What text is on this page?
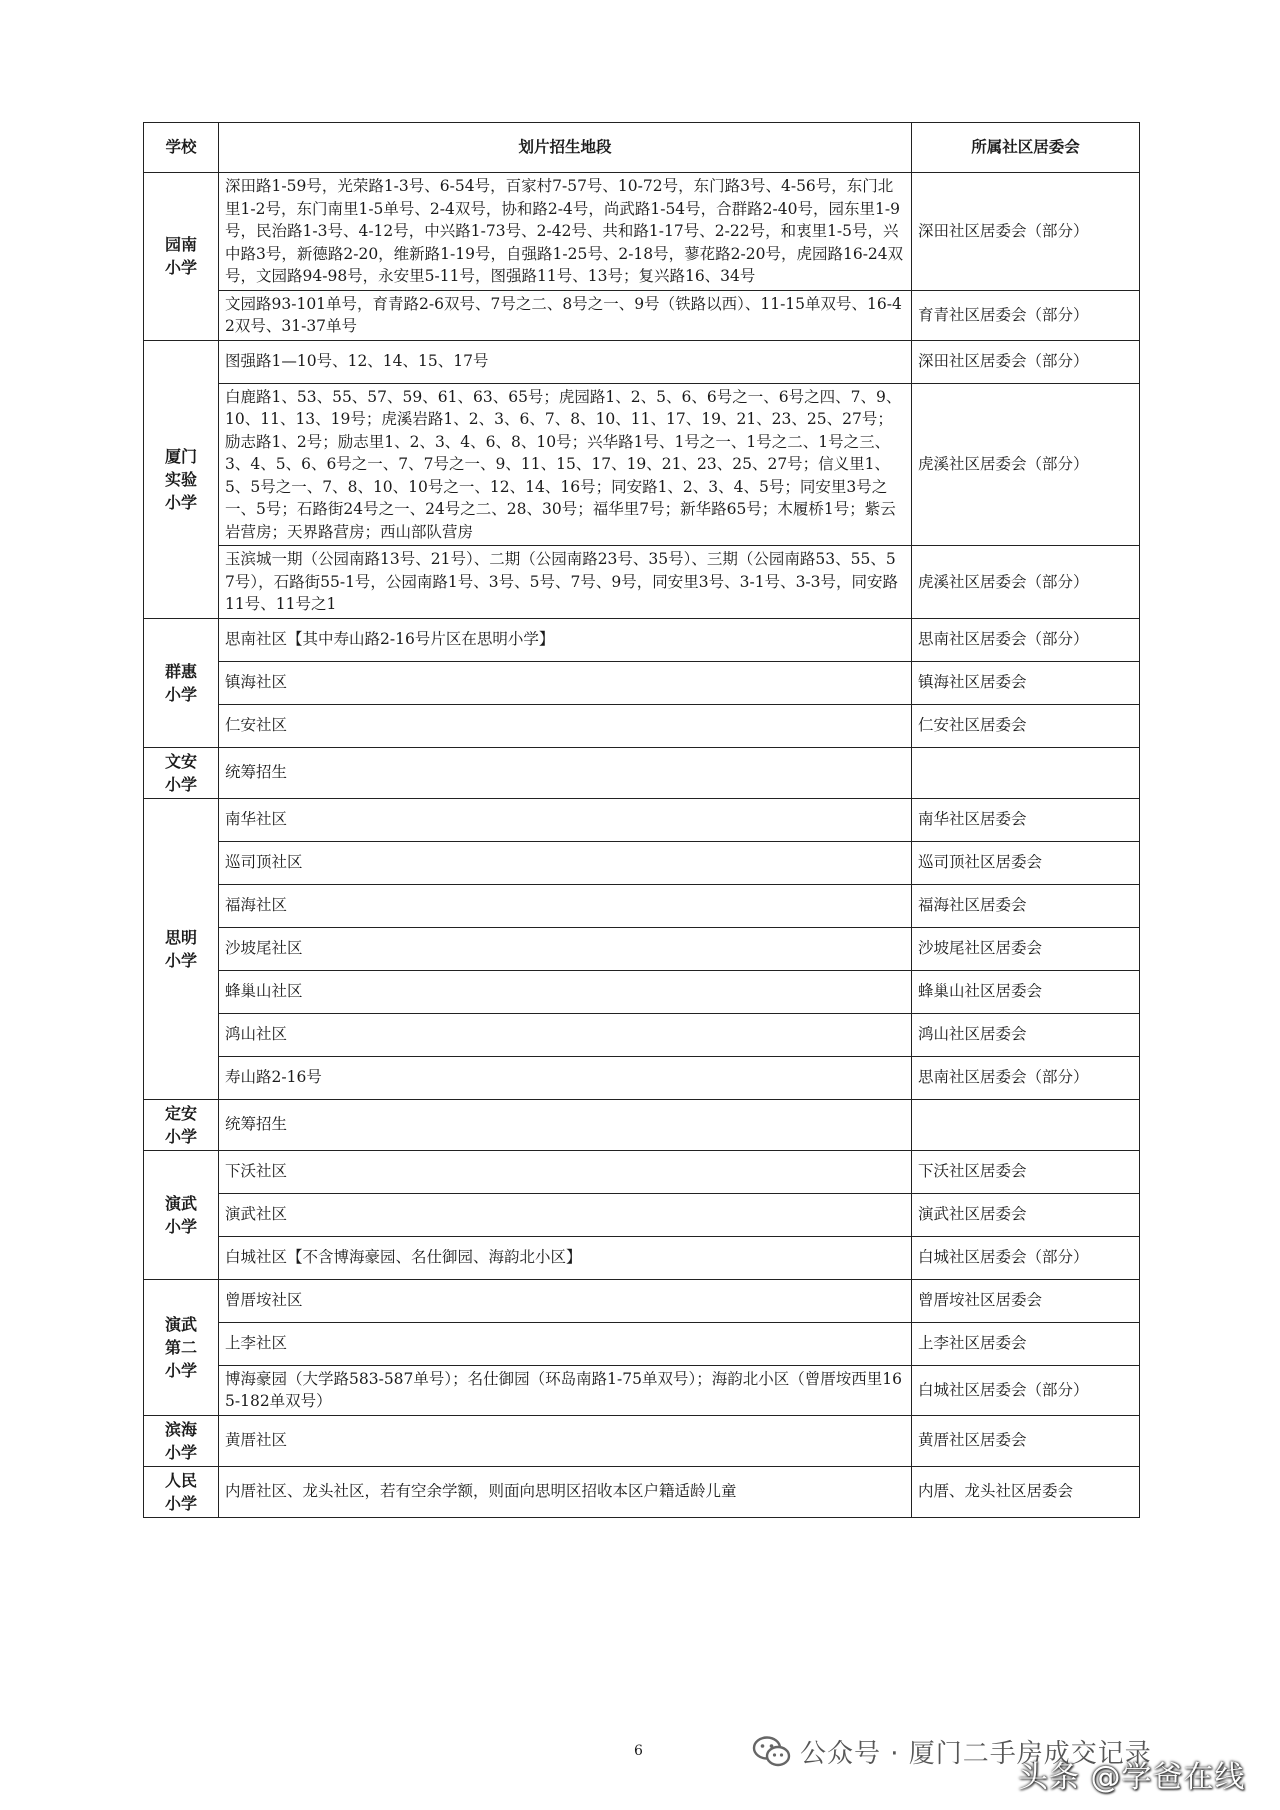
学校	划片招生地段	所属社区居委会
园南
小学	深田路1-59号，光荣路1-3号、6-54号，百家村7-57号、10-72号，东门路3号、4-56号，东门北里1-2号，东门南里1-5单号、2-4双号，协和路2-4号，尚武路1-54号，合群路2-40号，园东里1-9号，民治路1-3号、4-12号，中兴路1-73号、2-42号、共和路1-17号、2-22号，和衷里1-5号，兴中路3号，新德路2-20，维新路1-19号，自强路1-25号、2-18号，蓼花路2-20号，虎园路16-24双号，文园路94-98号，永安里5-11号，图强路11号、13号；复兴路16、34号	深田社区居委会（部分）
	文园路93-101单号，育青路2-6双号、7号之二、8号之一、9号（铁路以西）、11-15单双号、16-42双号、31-37单号	育青社区居委会（部分）
厦门
实验
小学	图强路1—10号、12、14、15、17号	深田社区居委会（部分）
	白鹿路1、53、55、57、59、61、63、65号；虎园路1、2、5、6、6号之一、6号之四、7、9、10、11、13、19号；虎溪岩路1、2、3、6、7、8、10、11、17、19、21、23、25、27号；励志路1、2号；励志里1、2、3、4、6、8、10号；兴华路1号、1号之一、1号之二、1号之三、3、4、5、6、6号之一、7、7号之一、9、11、15、17、19、21、23、25、27号；信义里1、5、5号之一、7、8、10、10号之一、12、14、16号；同安路1、2、3、4、5号；同安里3号之一、5号；石路街24号之一、24号之二、28、30号；福华里7号；新华路65号；木履桥1号；紫云岩营房；天界路营房；西山部队营房	虎溪社区居委会（部分）
	玉滨城一期（公园南路13号、21号）、二期（公园南路23号、35号）、三期（公园南路53、55、57号），石路街55-1号，公园南路1号、3号、5号、7号、9号，同安里3号、3-1号、3-3号，同安路11号、11号之1	虎溪社区居委会（部分）
群惠
小学	思南社区【其中寿山路2-16号片区在思明小学】	思南社区居委会（部分）
	镇海社区	镇海社区居委会
	仁安社区	仁安社区居委会
文安
小学	统筹招生	
思明
小学	南华社区	南华社区居委会
	巡司顶社区	巡司顶社区居委会
	福海社区	福海社区居委会
	沙坡尾社区	沙坡尾社区居委会
	蜂巢山社区	蜂巢山社区居委会
	鸿山社区	鸿山社区居委会
	寿山路2-16号	思南社区居委会（部分）
定安
小学	统筹招生	
演武
小学	下沃社区	下沃社区居委会
	演武社区	演武社区居委会
	白城社区【不含博海豪园、名仕御园、海韵北小区】	白城社区居委会（部分）
演武
第二
小学	曾厝垵社区	曾厝垵社区居委会
	上李社区	上李社区居委会
	博海豪园（大学路583-587单号）；名仕御园（环岛南路1-75单双号）；海韵北小区（曾厝垵西里165-182单双号）	白城社区居委会（部分）
滨海
小学	黄厝社区	黄厝社区居委会
人民
小学	内厝社区、龙头社区，若有空余学额，则面向思明区招收本区户籍适龄儿童	内厝、龙头社区居委会
6	公众号 · 厦门二手房成交记录
头条 @学爸在线
